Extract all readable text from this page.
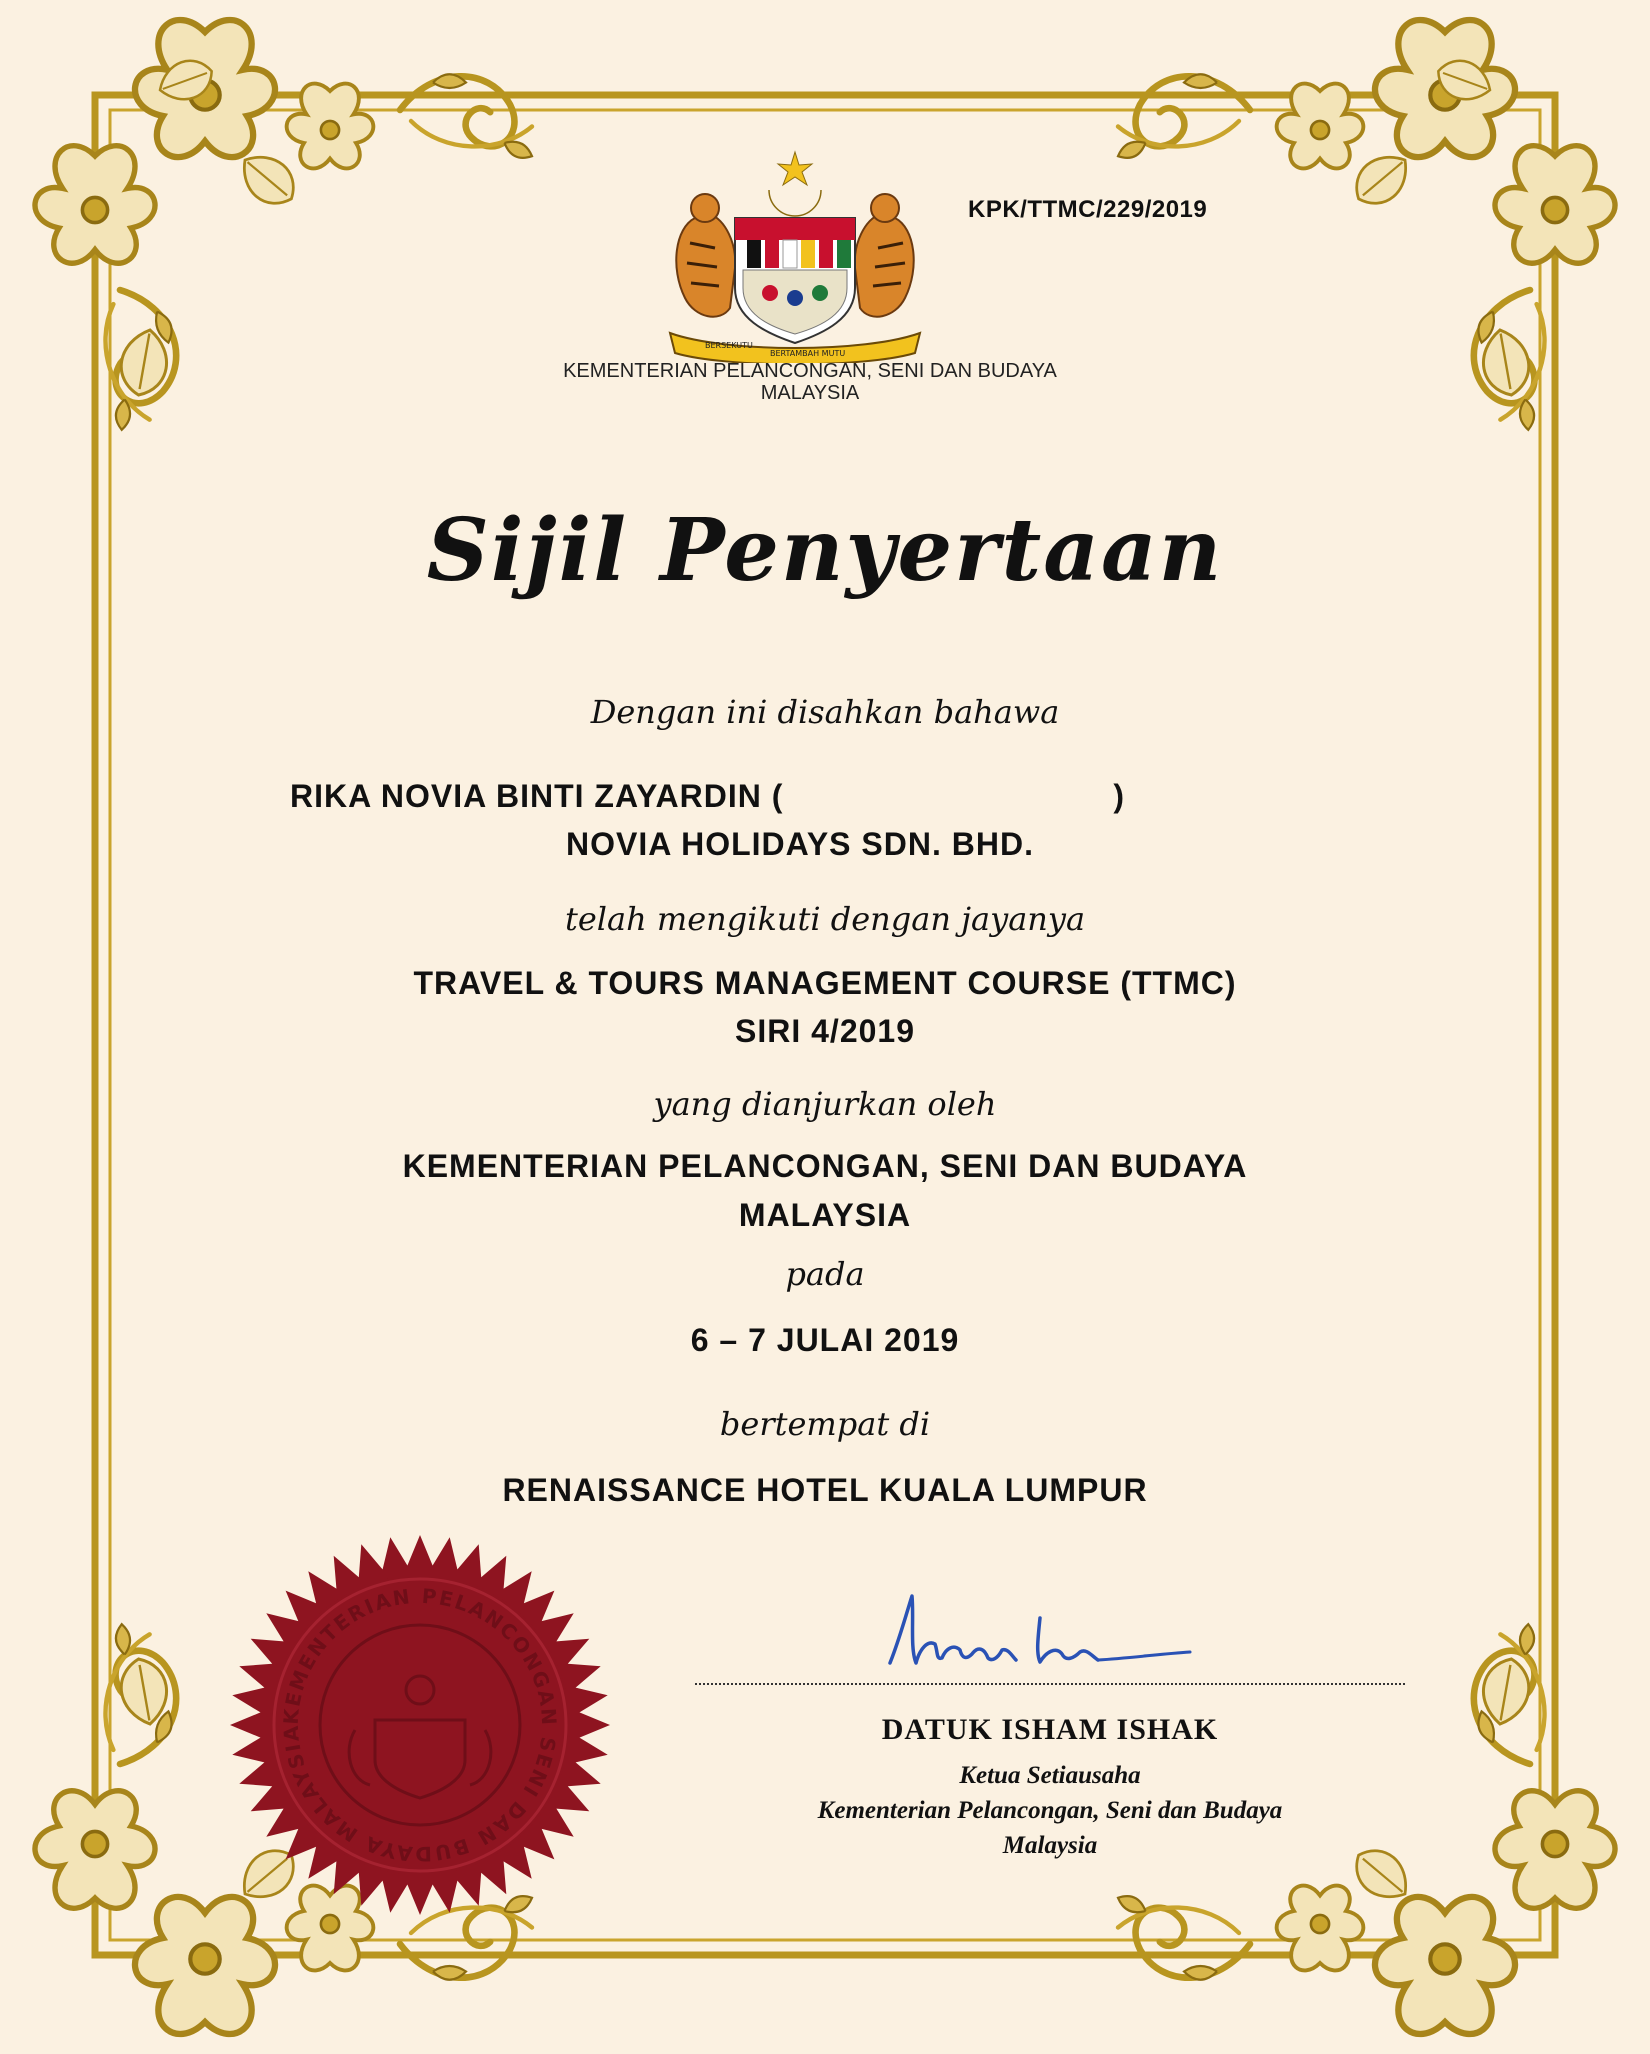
BERSEKUTU
BERTAMBAH MUTU
KPK/TTMC/229/2019
KEMENTERIAN PELANCONGAN, SENI DAN BUDAYA
MALAYSIA
Sijil Penyertaan
Dengan ini disahkan bahawa
RIKA NOVIA BINTI ZAYARDIN (	)
NOVIA HOLIDAYS SDN. BHD.
telah mengikuti dengan jayanya
TRAVEL & TOURS MANAGEMENT COURSE (TTMC)
SIRI 4/2019
yang dianjurkan oleh
KEMENTERIAN PELANCONGAN, SENI DAN BUDAYA
MALAYSIA
pada
6 – 7 JULAI 2019
bertempat di
RENAISSANCE HOTEL KUALA LUMPUR
KEMENTERIAN PELANCONGAN SENI DAN BUDAYA MALAYSIA	DATUK ISHAM ISHAK
Ketua Setiausaha
Kementerian Pelancongan, Seni dan Budaya
Malaysia
